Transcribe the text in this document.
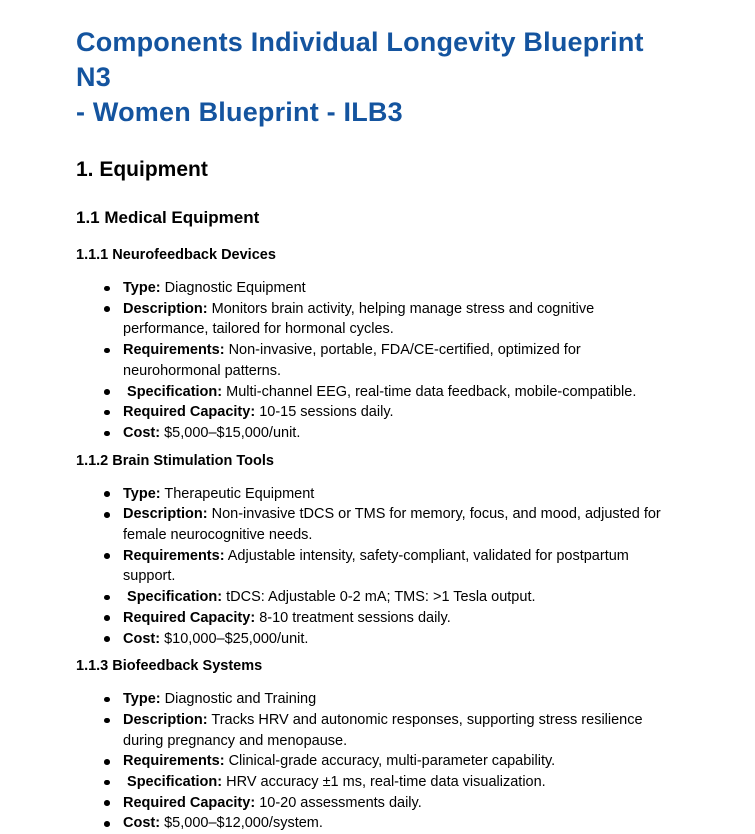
Components Individual Longevity Blueprint N3
- Women Blueprint - ILB3
1. Equipment
1.1 Medical Equipment
1.1.1 Neurofeedback Devices
Type: Diagnostic Equipment
Description: Monitors brain activity, helping manage stress and cognitive performance, tailored for hormonal cycles.
Requirements: Non-invasive, portable, FDA/CE-certified, optimized for neurohormonal patterns.
Specification: Multi-channel EEG, real-time data feedback, mobile-compatible.
Required Capacity: 10-15 sessions daily.
Cost: $5,000–$15,000/unit.
1.1.2 Brain Stimulation Tools
Type: Therapeutic Equipment
Description: Non-invasive tDCS or TMS for memory, focus, and mood, adjusted for female neurocognitive needs.
Requirements: Adjustable intensity, safety-compliant, validated for postpartum support.
Specification: tDCS: Adjustable 0-2 mA; TMS: >1 Tesla output.
Required Capacity: 8-10 treatment sessions daily.
Cost: $10,000–$25,000/unit.
1.1.3 Biofeedback Systems
Type: Diagnostic and Training
Description: Tracks HRV and autonomic responses, supporting stress resilience during pregnancy and menopause.
Requirements: Clinical-grade accuracy, multi-parameter capability.
Specification: HRV accuracy ±1 ms, real-time data visualization.
Required Capacity: 10-20 assessments daily.
Cost: $5,000–$12,000/system.
